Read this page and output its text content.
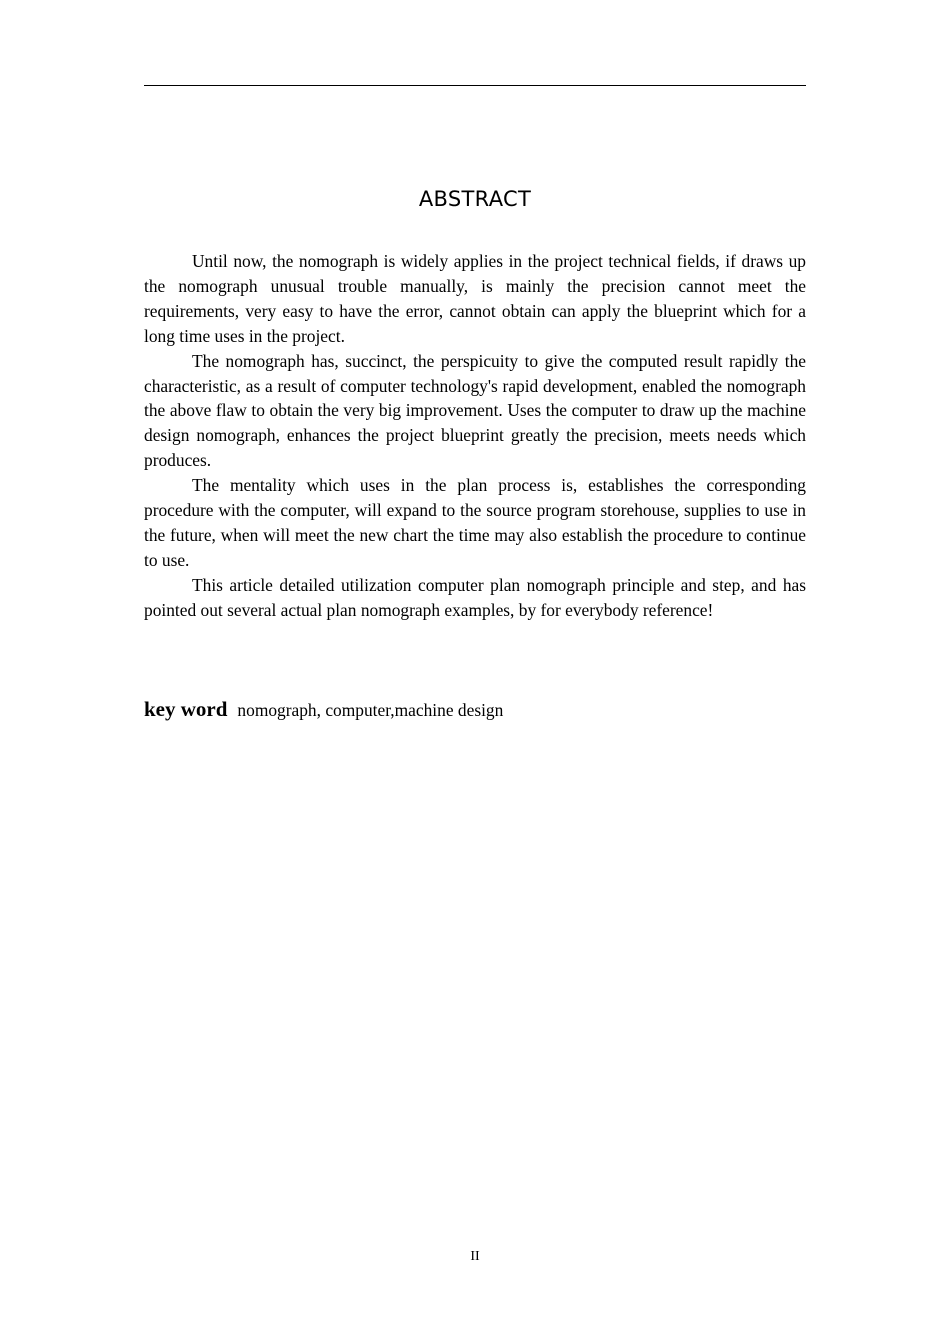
ABSTRACT

Until now, the nomograph is widely applies in the project technical fields, if draws up the nomograph unusual trouble manually, is mainly the precision cannot meet the requirements, very easy to have the error, cannot obtain can apply the blueprint which for a long time uses in the project.

The nomograph has, succinct, the perspicuity to give the computed result rapidly the characteristic, as a result of computer technology's rapid development, enabled the nomograph the above flaw to obtain the very big improvement. Uses the computer to draw up the machine design nomograph, enhances the project blueprint greatly the precision, meets needs which produces.

The mentality which uses in the plan process is, establishes the corresponding procedure with the computer, will expand to the source program storehouse, supplies to use in the future, when will meet the new chart the time may also establish the procedure to continue to use.

This article detailed utilization computer plan nomograph principle and step, and has pointed out several actual plan nomograph examples, by for everybody reference!

key word nomograph, computer,machine design
II
